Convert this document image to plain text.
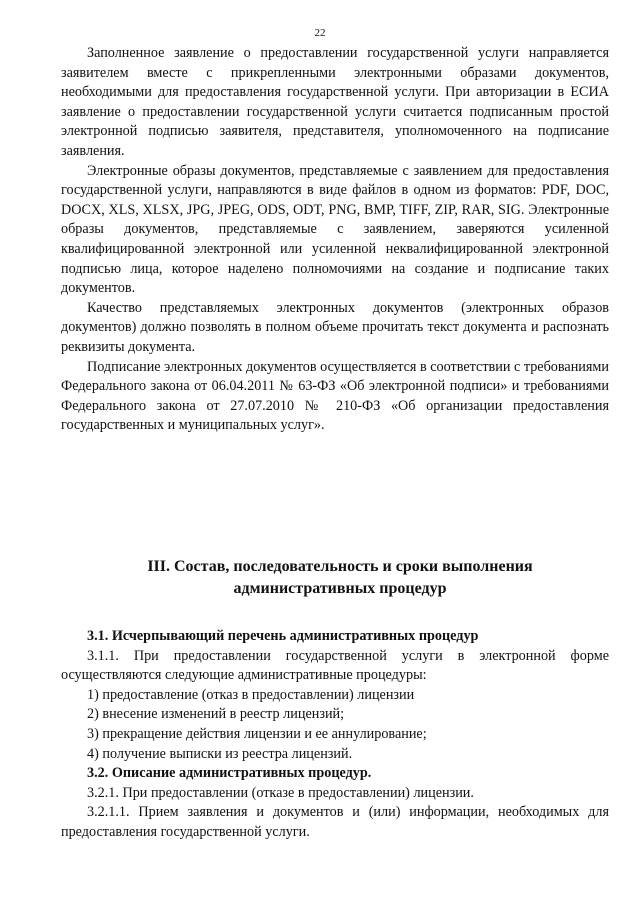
22

Заполненное заявление о предоставлении государственной услуги направляется заявителем вместе с прикрепленными электронными образами документов, необходимыми для предоставления государственной услуги. При авторизации в ЕСИА заявление о предоставлении государственной услуги считается подписанным простой электронной подписью заявителя, представителя, уполномоченного на подписание заявления.

Электронные образы документов, представляемые с заявлением для предоставления государственной услуги, направляются в виде файлов в одном из форматов: PDF, DOC, DOCX, XLS, XLSX, JPG, JPEG, ODS, ODT, PNG, BMP, TIFF, ZIP, RAR, SIG. Электронные образы документов, представляемые с заявлением, заверяются усиленной квалифицированной электронной или усиленной неквалифицированной электронной подписью лица, которое наделено полномочиями на создание и подписание таких документов.

Качество представляемых электронных документов (электронных образов документов) должно позволять в полном объеме прочитать текст документа и распознать реквизиты документа.

Подписание электронных документов осуществляется в соответствии с требованиями Федерального закона от 06.04.2011 № 63-ФЗ «Об электронной подписи» и требованиями Федерального закона от 27.07.2010 № 210-ФЗ «Об организации предоставления государственных и муниципальных услуг».

III. Состав, последовательность и сроки выполнения
административных процедур

3.1. Исчерпывающий перечень административных процедур

3.1.1. При предоставлении государственной услуги в электронной форме осуществляются следующие административные процедуры:

1) предоставление (отказ в предоставлении) лицензии

2) внесение изменений в реестр лицензий;

3) прекращение действия лицензии и ее аннулирование;

4) получение выписки из реестра лицензий.

3.2. Описание административных процедур.

3.2.1. При предоставлении (отказе в предоставлении) лицензии.

3.2.1.1. Прием заявления и документов и (или) информации, необходимых для предоставления государственной услуги.
